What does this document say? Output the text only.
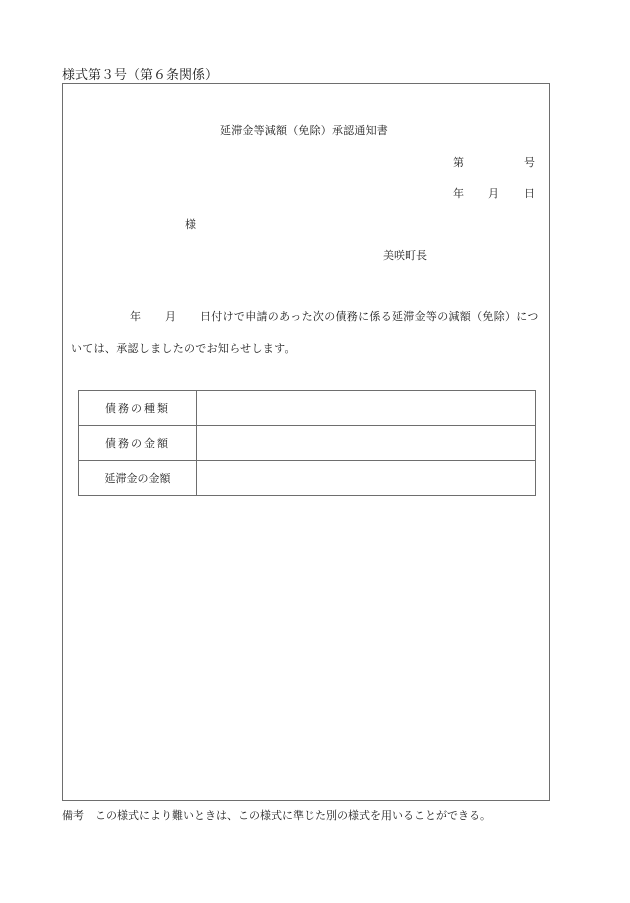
様式第３号（第６条関係）
延滞金等減額（免除）承認通知書
第	号
年 月 日
様
美咲町長
年 月 日付けで申請のあった次の債務に係る延滞金等の減額（免除）につ
いては、承認しましたのでお知らせします。
債務の種類	
債務の金額	
延滞金の金額	
備考　この様式により難いときは、この様式に準じた別の様式を用いることができる。
